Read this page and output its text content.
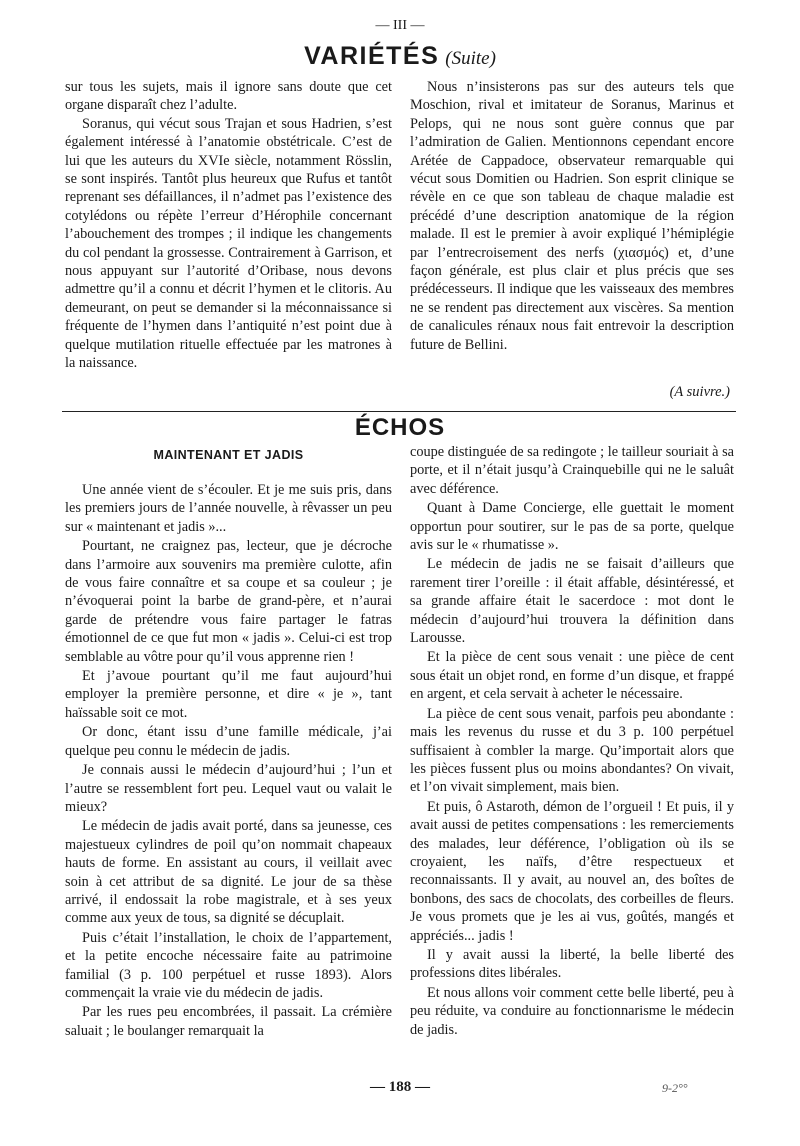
— III —
VARIÉTÉS (Suite)

sur tous les sujets, mais il ignore sans doute que cet organe disparaît chez l’adulte.

Soranus, qui vécut sous Trajan et sous Hadrien, s’est également intéressé à l’anatomie obstétricale. C’est de lui que les auteurs du XVIe siècle, notamment Rösslin, se sont inspirés. Tantôt plus heureux que Rufus et tantôt reprenant ses défaillances, il n’admet pas l’existence des cotylédons ou répète l’erreur d’Hérophile concernant l’abouchement des trompes ; il indique les changements du col pendant la grossesse. Contrairement à Garrison, et nous appuyant sur l’autorité d’Oribase, nous devons admettre qu’il a connu et décrit l’hymen et le clitoris. Au demeurant, on peut se demander si la méconnaissance si fréquente de l’hymen dans l’antiquité n’est point due à quelque mutilation rituelle effectuée par les matrones à la naissance.

Nous n’insisterons pas sur des auteurs tels que Moschion, rival et imitateur de Soranus, Marinus et Pelops, qui ne nous sont guère connus que par l’admiration de Galien. Mentionnons cependant encore Arétée de Cappadoce, observateur remarquable qui vécut sous Domitien ou Hadrien. Son esprit clinique se révèle en ce que son tableau de chaque maladie est précédé d’une description anatomique de la région malade. Il est le premier à avoir expliqué l’hémiplégie par l’entrecroisement des nerfs (χιασμός) et, d’une façon générale, est plus clair et plus précis que ses prédécesseurs. Il indique que les vaisseaux des membres ne se rendent pas directement aux viscères. Sa mention de canalicules rénaux nous fait entrevoir la description future de Bellini.

(A suivre.)
ÉCHOS
MAINTENANT ET JADIS

Une année vient de s’écouler. Et je me suis pris, dans les premiers jours de l’année nouvelle, à rêvasser un peu sur « maintenant et jadis »...

Pourtant, ne craignez pas, lecteur, que je décroche dans l’armoire aux souvenirs ma première culotte, afin de vous faire connaître et sa coupe et sa couleur ; je n’évoquerai point la barbe de grand-père, et n’aurai garde de prétendre vous faire partager le fatras émotionnel de ce que fut mon « jadis ». Celui-ci est trop semblable au vôtre pour qu’il vous apprenne rien !

Et j’avoue pourtant qu’il me faut aujourd’hui employer la première personne, et dire « je », tant haïssable soit ce mot.

Or donc, étant issu d’une famille médicale, j’ai quelque peu connu le médecin de jadis.

Je connais aussi le médecin d’aujourd’hui ; l’un et l’autre se ressemblent fort peu. Lequel vaut ou valait le mieux?

Le médecin de jadis avait porté, dans sa jeunesse, ces majestueux cylindres de poil qu’on nommait chapeaux hauts de forme. En assistant au cours, il veillait avec soin à cet attribut de sa dignité. Le jour de sa thèse arrivé, il endossait la robe magistrale, et à ses yeux comme aux yeux de tous, sa dignité se décuplait.

Puis c’était l’installation, le choix de l’appartement, et la petite encoche nécessaire faite au patrimoine familial (3 p. 100 perpétuel et russe 1893). Alors commençait la vraie vie du médecin de jadis.

Par les rues peu encombrées, il passait. La crémière saluait ; le boulanger remarquait la

coupe distinguée de sa redingote ; le tailleur souriait à sa porte, et il n’était jusqu’à Crainquebille qui ne le saluât avec déférence.

Quant à Dame Concierge, elle guettait le moment opportun pour soutirer, sur le pas de sa porte, quelque avis sur le « rhumatisse ».

Le médecin de jadis ne se faisait d’ailleurs que rarement tirer l’oreille : il était affable, désintéressé, et sa grande affaire était le sacerdoce : mot dont le médecin d’aujourd’hui trouvera la définition dans Larousse.

Et la pièce de cent sous venait : une pièce de cent sous était un objet rond, en forme d’un disque, et frappé en argent, et cela servait à acheter le nécessaire.

La pièce de cent sous venait, parfois peu abondante : mais les revenus du russe et du 3 p. 100 perpétuel suffisaient à combler la marge. Qu’importait alors que les pièces fussent plus ou moins abondantes? On vivait, et l’on vivait simplement, mais bien.

Et puis, ô Astaroth, démon de l’orgueil ! Et puis, il y avait aussi de petites compensations : les remerciements des malades, leur déférence, l’obligation où ils se croyaient, les naïfs, d’être respectueux et reconnaissants. Il y avait, au nouvel an, des boîtes de bonbons, des sacs de chocolats, des corbeilles de fleurs. Je vous promets que je les ai vus, goûtés, mangés et appréciés... jadis !

Il y avait aussi la liberté, la belle liberté des professions dites libérales.

Et nous allons voir comment cette belle liberté, peu à peu réduite, va conduire au fonctionnarisme le médecin de jadis.

— 188 —	9-2°°
